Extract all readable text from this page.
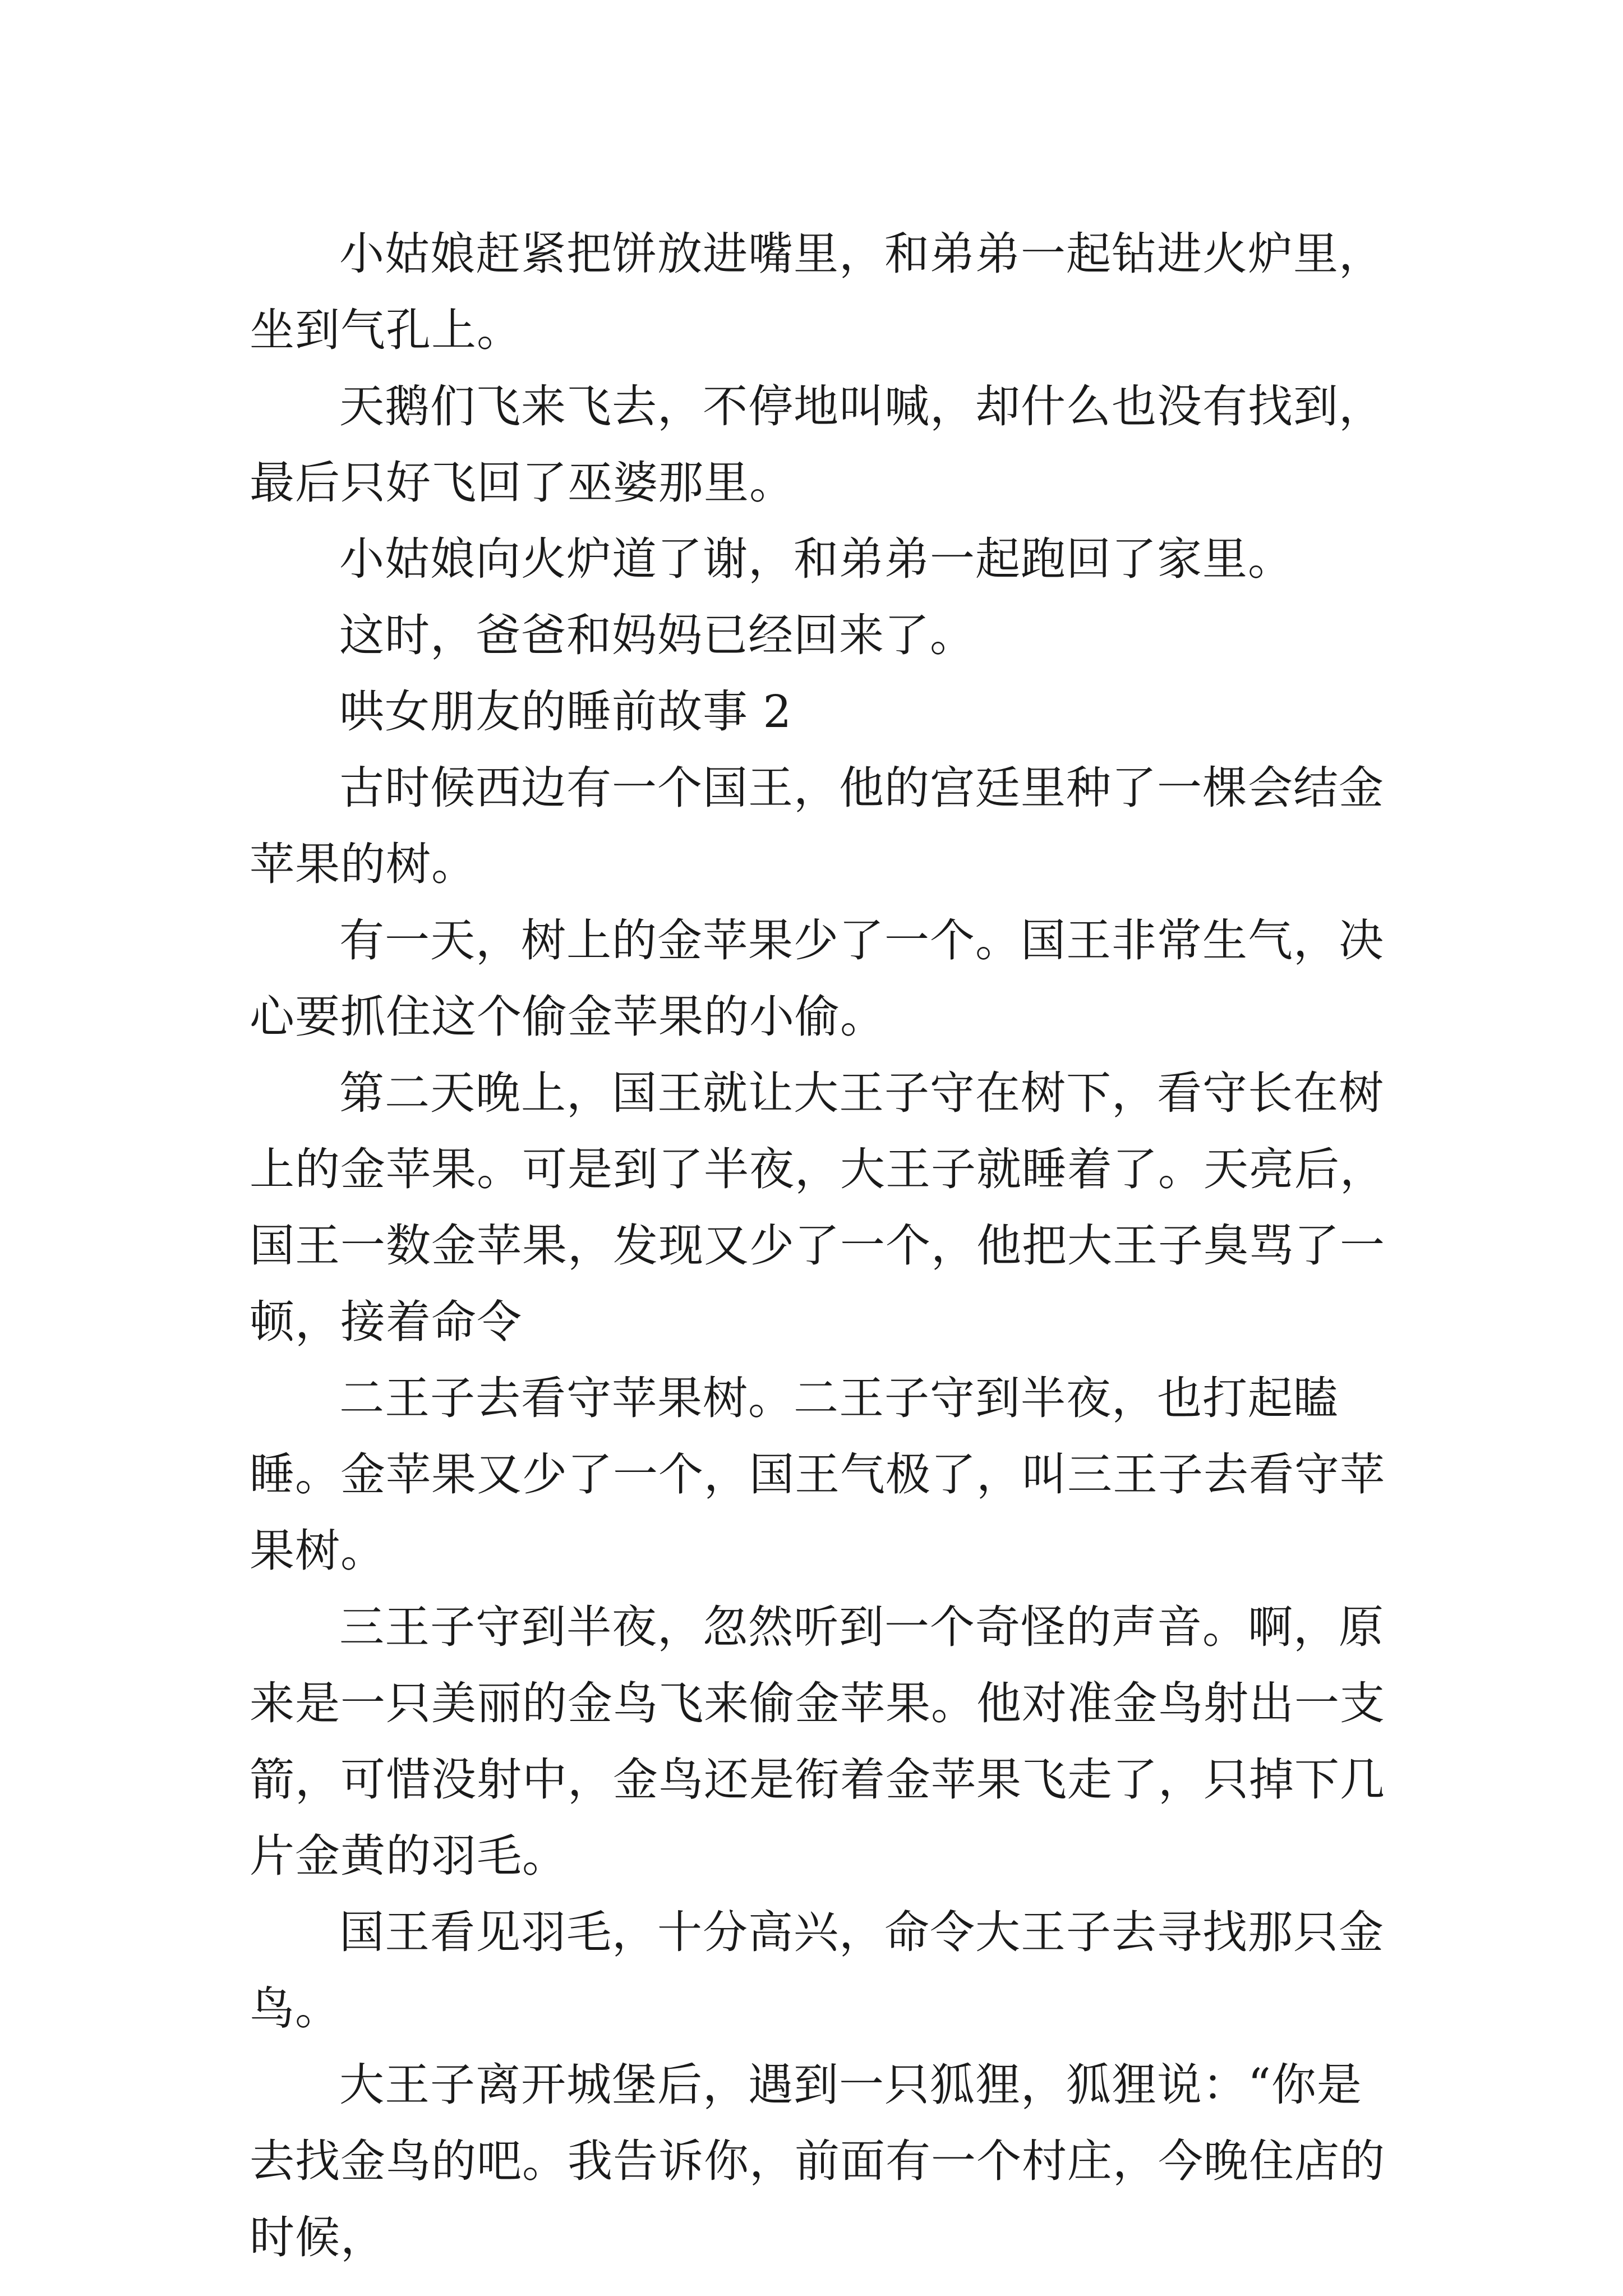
小姑娘赶紧把饼放进嘴里，和弟弟一起钻进火炉里，坐到气孔上。

天鹅们飞来飞去，不停地叫喊，却什么也没有找到，最后只好飞回了巫婆那里。

小姑娘向火炉道了谢，和弟弟一起跑回了家里。

这时，爸爸和妈妈已经回来了。

哄女朋友的睡前故事 2

古时候西边有一个国王，他的宫廷里种了一棵会结金苹果的树。

有一天，树上的金苹果少了一个。国王非常生气，决心要抓住这个偷金苹果的小偷。

第二天晚上，国王就让大王子守在树下，看守长在树上的金苹果。可是到了半夜，大王子就睡着了。天亮后，国王一数金苹果，发现又少了一个，他把大王子臭骂了一顿，接着命令

二王子去看守苹果树。二王子守到半夜，也打起瞌睡。金苹果又少了一个，国王气极了，叫三王子去看守苹果树。

三王子守到半夜，忽然听到一个奇怪的声音。啊，原来是一只美丽的金鸟飞来偷金苹果。他对准金鸟射出一支箭，可惜没射中，金鸟还是衔着金苹果飞走了，只掉下几片金黄的羽毛。

国王看见羽毛，十分高兴，命令大王子去寻找那只金鸟。

大王子离开城堡后，遇到一只狐狸，狐狸说：“你是去找金鸟的吧。我告诉你，前面有一个村庄，今晚住店的时候，
